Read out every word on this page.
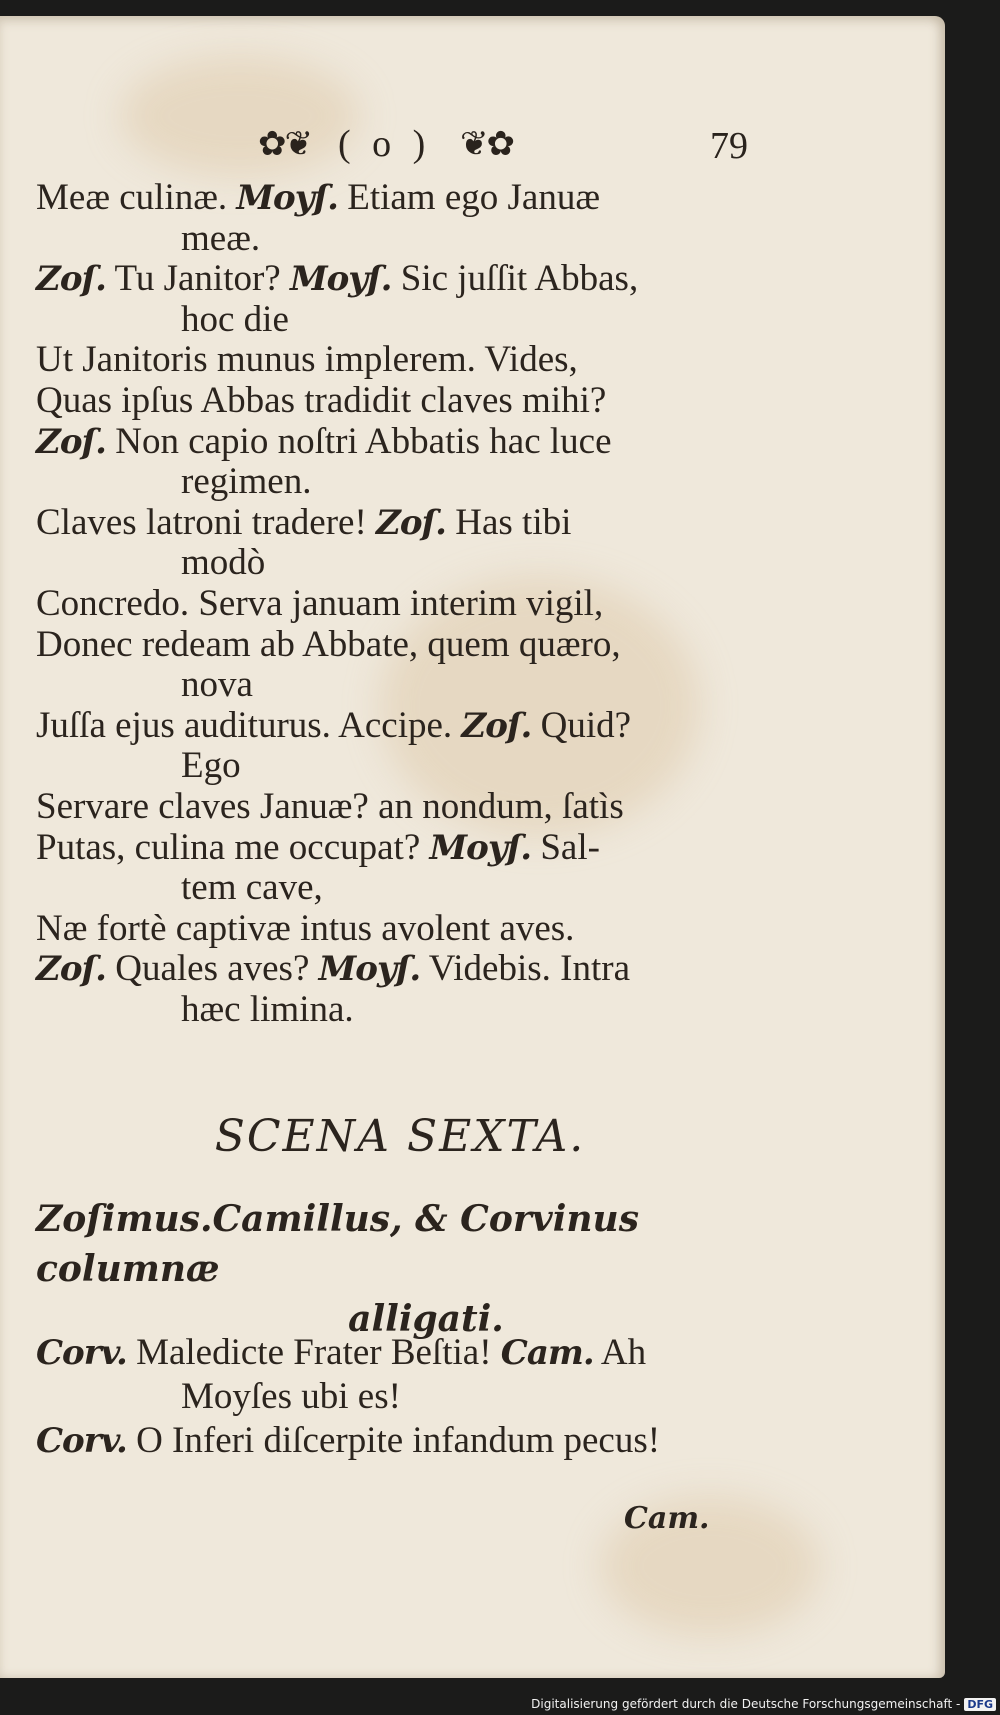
✿❦ ( o ) ❦✿	79
Meæ culinæ. Moyſ. Etiam ego Januæ
meæ.
Zoſ. Tu Janitor? Moyſ. Sic juſſit Abbas,
hoc die
Ut Janitoris munus implerem. Vides,
Quas ipſus Abbas tradidit claves mihi?
Zoſ. Non capio noſtri Abbatis hac luce
regimen.
Claves latroni tradere! Zoſ. Has tibi
modò
Concredo. Serva januam interim vigil,
Donec redeam ab Abbate, quem quæro,
nova
Juſſa ejus auditurus. Accipe. Zoſ. Quid?
Ego
Servare claves Januæ? an nondum, ſatìs
Putas, culina me occupat? Moyſ. Sal-
tem cave,
Næ fortè captivæ intus avolent aves.
Zoſ. Quales aves? Moyſ. Videbis. Intra
hæc limina.
SCENA SEXTA.
Zoſimus.Camillus, & Corvinus columnæ
alligati.
Corv. Maledicte Frater Beſtia! Cam. Ah
Moyſes ubi es!
Corv. O Inferi diſcerpite infandum pecus!
Cam.
Digitalisierung gefördert durch die Deutsche Forschungsgemeinschaft - DFG
